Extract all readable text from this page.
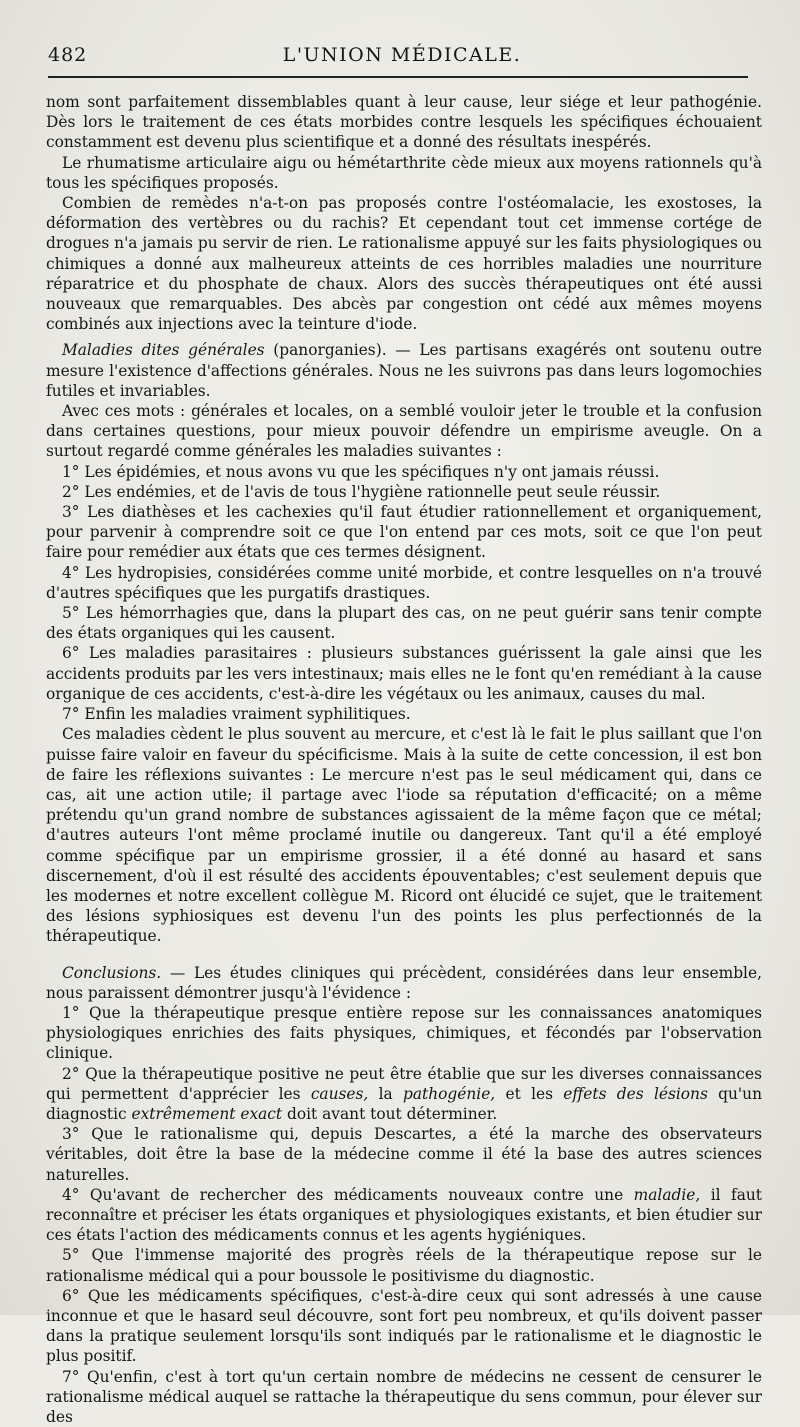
482	L'UNION MÉDICALE.

nom sont parfaitement dissemblables quant à leur cause, leur siége et leur pathogénie. Dès lors le traitement de ces états morbides contre lesquels les spécifiques échouaient constamment est devenu plus scientifique et a donné des résultats inespérés.

Le rhumatisme articulaire aigu ou hémétarthrite cède mieux aux moyens rationnels qu'à tous les spécifiques proposés.

Combien de remèdes n'a-t-on pas proposés contre l'ostéomalacie, les exostoses, la déformation des vertèbres ou du rachis? Et cependant tout cet immense cortége de drogues n'a jamais pu servir de rien. Le rationalisme appuyé sur les faits physiologiques ou chimiques a donné aux malheureux atteints de ces horribles maladies une nourriture réparatrice et du phosphate de chaux. Alors des succès thérapeutiques ont été aussi nouveaux que remarquables. Des abcès par congestion ont cédé aux mêmes moyens combinés aux injections avec la teinture d'iode.

Maladies dites générales (panorganies). — Les partisans exagérés ont soutenu outre mesure l'existence d'affections générales. Nous ne les suivrons pas dans leurs logomochies futiles et invariables.

Avec ces mots : générales et locales, on a semblé vouloir jeter le trouble et la confusion dans certaines questions, pour mieux pouvoir défendre un empirisme aveugle. On a surtout regardé comme générales les maladies suivantes :

1° Les épidémies, et nous avons vu que les spécifiques n'y ont jamais réussi.

2° Les endémies, et de l'avis de tous l'hygiène rationnelle peut seule réussir.

3° Les diathèses et les cachexies qu'il faut étudier rationnellement et organiquement, pour parvenir à comprendre soit ce que l'on entend par ces mots, soit ce que l'on peut faire pour remédier aux états que ces termes désignent.

4° Les hydropisies, considérées comme unité morbide, et contre lesquelles on n'a trouvé d'autres spécifiques que les purgatifs drastiques.

5° Les hémorrhagies que, dans la plupart des cas, on ne peut guérir sans tenir compte des états organiques qui les causent.

6° Les maladies parasitaires : plusieurs substances guérissent la gale ainsi que les accidents produits par les vers intestinaux; mais elles ne le font qu'en remédiant à la cause organique de ces accidents, c'est-à-dire les végétaux ou les animaux, causes du mal.

7° Enfin les maladies vraiment syphilitiques.

Ces maladies cèdent le plus souvent au mercure, et c'est là le fait le plus saillant que l'on puisse faire valoir en faveur du spécificisme. Mais à la suite de cette concession, il est bon de faire les réflexions suivantes : Le mercure n'est pas le seul médicament qui, dans ce cas, ait une action utile; il partage avec l'iode sa réputation d'efficacité; on a même prétendu qu'un grand nombre de substances agissaient de la même façon que ce métal; d'autres auteurs l'ont même proclamé inutile ou dangereux. Tant qu'il a été employé comme spécifique par un empirisme grossier, il a été donné au hasard et sans discernement, d'où il est résulté des accidents épouventables; c'est seulement depuis que les modernes et notre excellent collègue M. Ricord ont élucidé ce sujet, que le traitement des lésions syphiosiques est devenu l'un des points les plus perfectionnés de la thérapeutique.

Conclusions. — Les études cliniques qui précèdent, considérées dans leur ensemble, nous paraissent démontrer jusqu'à l'évidence :

1° Que la thérapeutique presque entière repose sur les connaissances anatomiques physiologiques enrichies des faits physiques, chimiques, et fécondés par l'observation clinique.

2° Que la thérapeutique positive ne peut être établie que sur les diverses connaissances qui permettent d'apprécier les causes, la pathogénie, et les effets des lésions qu'un diagnostic extrêmement exact doit avant tout déterminer.

3° Que le rationalisme qui, depuis Descartes, a été la marche des observateurs véritables, doit être la base de la médecine comme il été la base des autres sciences naturelles.

4° Qu'avant de rechercher des médicaments nouveaux contre une maladie, il faut reconnaître et préciser les états organiques et physiologiques existants, et bien étudier sur ces états l'action des médicaments connus et les agents hygiéniques.

5° Que l'immense majorité des progrès réels de la thérapeutique repose sur le rationalisme médical qui a pour boussole le positivisme du diagnostic.

6° Que les médicaments spécifiques, c'est-à-dire ceux qui sont adressés à une cause inconnue et que le hasard seul découvre, sont fort peu nombreux, et qu'ils doivent passer dans la pratique seulement lorsqu'ils sont indiqués par le rationalisme et le diagnostic le plus positif.

7° Qu'enfin, c'est à tort qu'un certain nombre de médecins ne cessent de censurer le rationalisme médical auquel se rattache la thérapeutique du sens commun, pour élever sur des
